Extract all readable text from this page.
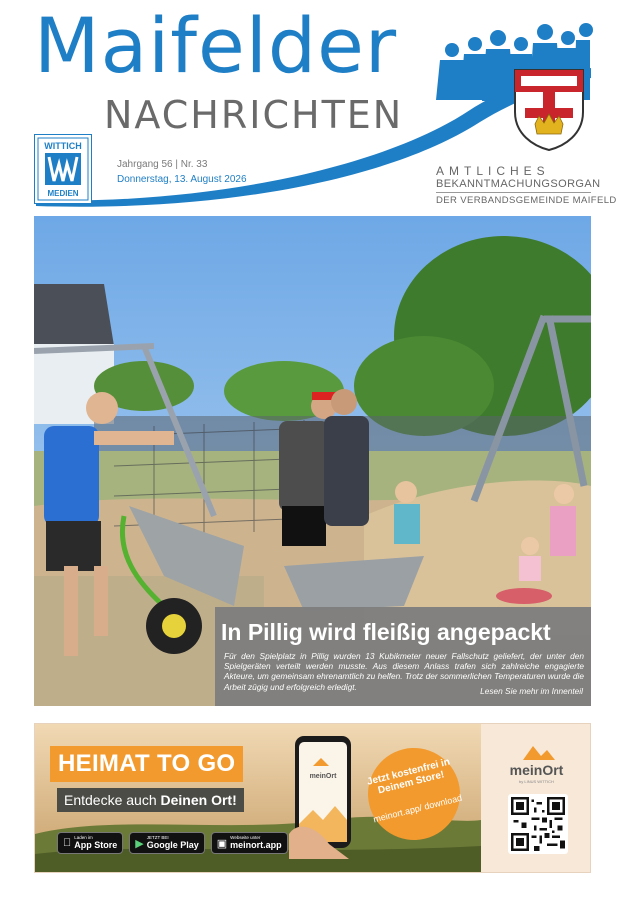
Maifelder
NACHRICHTEN
WITTICH
MEDIEN
Jahrgang 56 | Nr. 33
Donnerstag, 13. August 2026
AMTLICHES
BEKANNTMACHUNGSORGAN
DER VERBANDSGEMEINDE MAIFELD
Lesen Sie mehr im Innenteil
In Pillig wird fleißig angepackt
Für den Spielplatz in Pillig wurden 13 Kubikmeter neuer Fallschutz geliefert, der unter den Spielgeräten verteilt werden musste. Aus diesem Anlass trafen sich zahlreiche engagierte Akteure, um gemeinsam ehrenamtlich zu helfen. Trotz der sommerlichen Temperaturen wurde die Arbeit zügig und erfolgreich erledigt.
HEIMAT TO GO
Entdecke auch Deinen Ort!
Laden im
App Store ▶ JETZT BEI
Google Play ▣ Webseite unter
meinort.app
meinOrt	Jetzt kostenfrei in Deinem Store!
meinort.app/ download
meinOrt
by LINUS WITTICH
